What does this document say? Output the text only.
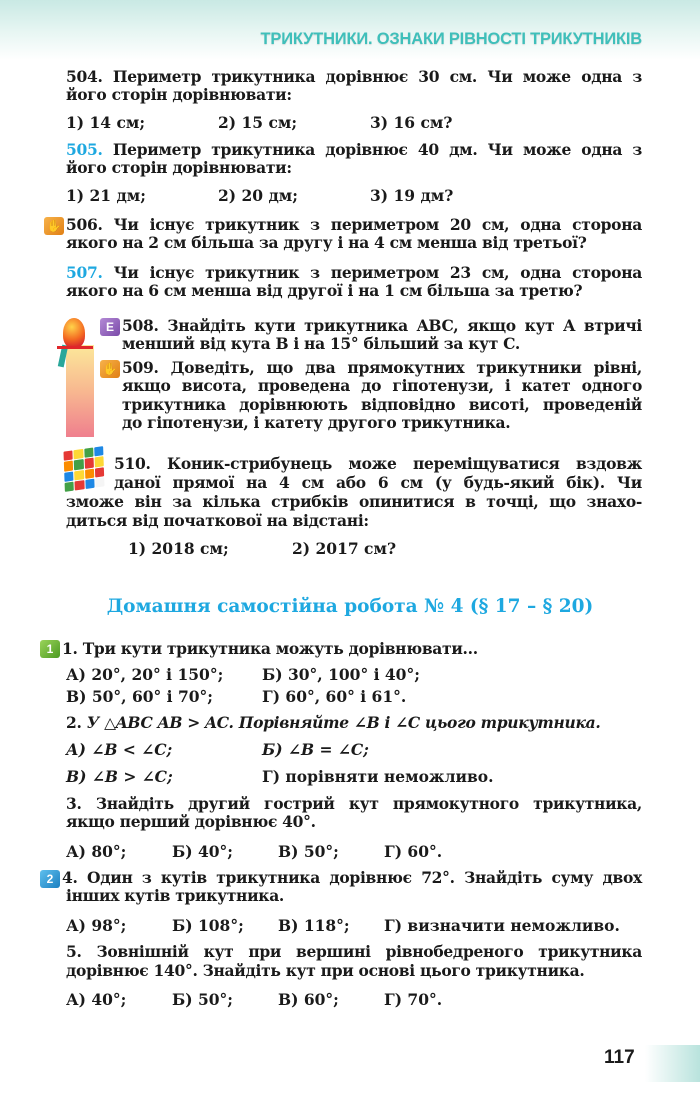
ТРИКУТНИКИ. ОЗНАКИ РІВНОСТІ ТРИКУТНИКІВ
504. Периметр трикутника дорівнює 30 см. Чи може одна з
його сторін дорівнювати:
1) 14 см;	2) 15 см;	3) 16 см?
505. Периметр трикутника дорівнює 40 дм. Чи може одна з
його сторін дорівнювати:
1) 21 дм;	2) 20 дм;	3) 19 дм?
✋ 506. Чи існує трикутник з периметром 20 см, одна сторона
якого на 2 см більша за другу і на 4 см менша від третьої?
507. Чи існує трикутник з периметром 23 см, одна сторона
якого на 6 см менша від другої і на 1 см більша за третю?
Е 508. Знайдіть кути трикутника ABC, якщо кут A втричі
менший від кута B і на 15° більший за кут C.
✋ 509. Доведіть, що два прямокутних трикутники рівні,
якщо висота, проведена до гіпотенузи, і катет одного
трикутника дорівнюють відповідно висоті, проведеній
до гіпотенузи, і катету другого трикутника.
510. Коник-стрибунець може переміщуватися вздовж
даної прямої на 4 см або 6 см (у будь-який бік). Чи
зможе він за кілька стрибків опинитися в точці, що знахо-
диться від початкової на відстані:
1) 2018 см;	2) 2017 см?
Домашня самостійна робота № 4 (§ 17 – § 20)
1 1. Три кути трикутника можуть дорівнювати...
А) 20°, 20° і 150°; Б) 30°, 100° і 40°;
В) 50°, 60° і 70°;	Г) 60°, 60° і 61°.
2. У △ABC AB > AC. Порівняйте ∠B і ∠C цього трикутника.
А) ∠B < ∠C;	Б) ∠B = ∠C;
В) ∠B > ∠C;	Г) порівняти неможливо.
3. Знайдіть другий гострий кут прямокутного трикутника,
якщо перший дорівнює 40°.
А) 80°;	Б) 40°;	В) 50°;	Г) 60°.
2 4. Один з кутів трикутника дорівнює 72°. Знайдіть суму двох
інших кутів трикутника.
А) 98°;	Б) 108°; В) 118°; Г) визначити неможливо.
5. Зовнішній кут при вершині рівнобедреного трикутника
дорівнює 140°. Знайдіть кут при основі цього трикутника.
А) 40°;	Б) 50°;	В) 60°;	Г) 70°.
117
